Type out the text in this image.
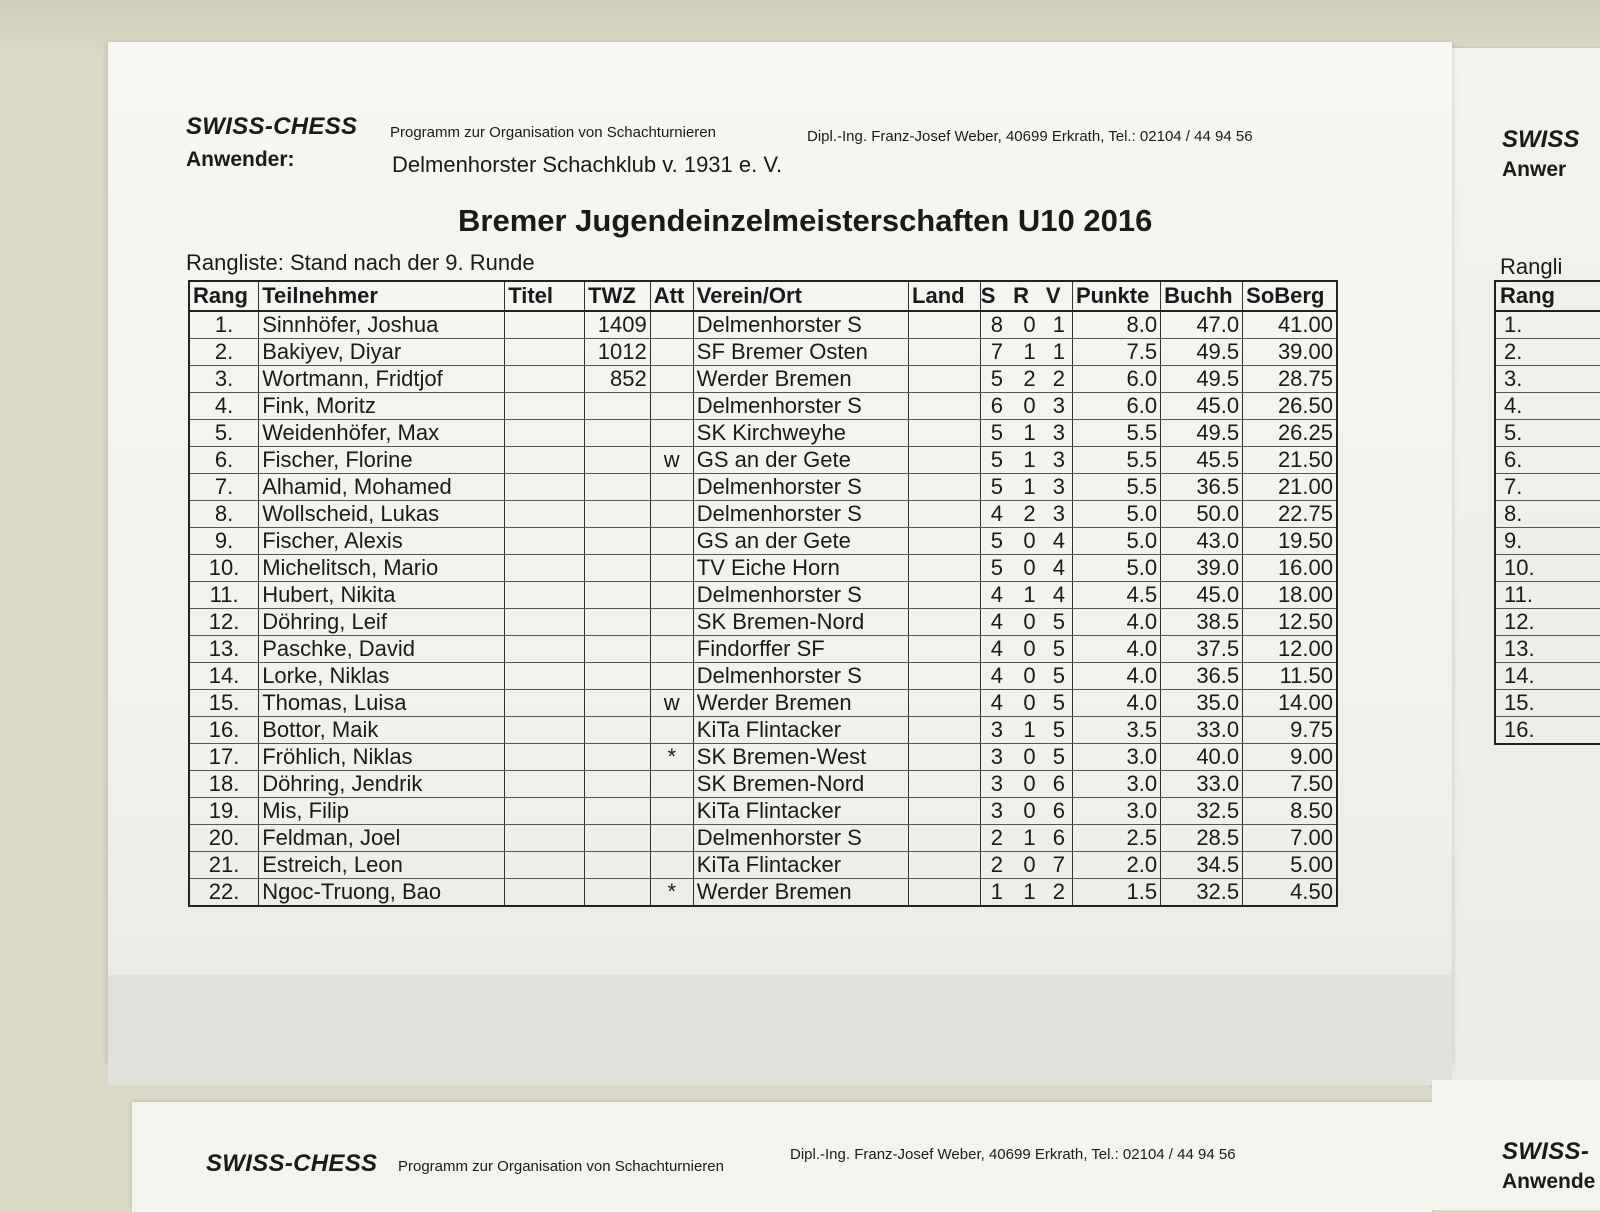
SWISS
Anwer
Rangli
Rang
1.
2.
3.
4.
5.
6.
7.
8.
9.
10.
11.
12.
13.
14.
15.
16.
SWISS-CHESS Programm zur Organisation von Schachturnieren	Dipl.-Ing. Franz-Josef Weber, 40699 Erkrath, Tel.: 02104 / 44 94 56
Anwender:	Delmenhorster Schachklub v. 1931 e. V.
Bremer Jugendeinzelmeisterschaften U10 2016
Rangliste: Stand nach der 9. Runde
Rang	Teilnehmer	Titel	TWZ	Att	Verein/Ort	Land	S	R	V	Punkte	Buchh	SoBerg
1.	Sinnhöfer, Joshua		1409		Delmenhorster S		8	0	1	8.0	47.0	41.00
2.	Bakiyev, Diyar		1012		SF Bremer Osten		7	1	1	7.5	49.5	39.00
3.	Wortmann, Fridtjof		852		Werder Bremen		5	2	2	6.0	49.5	28.75
4.	Fink, Moritz				Delmenhorster S		6	0	3	6.0	45.0	26.50
5.	Weidenhöfer, Max				SK Kirchweyhe		5	1	3	5.5	49.5	26.25
6.	Fischer, Florine			w	GS an der Gete		5	1	3	5.5	45.5	21.50
7.	Alhamid, Mohamed				Delmenhorster S		5	1	3	5.5	36.5	21.00
8.	Wollscheid, Lukas				Delmenhorster S		4	2	3	5.0	50.0	22.75
9.	Fischer, Alexis				GS an der Gete		5	0	4	5.0	43.0	19.50
10.	Michelitsch, Mario				TV Eiche Horn		5	0	4	5.0	39.0	16.00
11.	Hubert, Nikita				Delmenhorster S		4	1	4	4.5	45.0	18.00
12.	Döhring, Leif				SK Bremen-Nord		4	0	5	4.0	38.5	12.50
13.	Paschke, David				Findorffer SF		4	0	5	4.0	37.5	12.00
14.	Lorke, Niklas				Delmenhorster S		4	0	5	4.0	36.5	11.50
15.	Thomas, Luisa			w	Werder Bremen		4	0	5	4.0	35.0	14.00
16.	Bottor, Maik				KiTa Flintacker		3	1	5	3.5	33.0	9.75
17.	Fröhlich, Niklas			*	SK Bremen-West		3	0	5	3.0	40.0	9.00
18.	Döhring, Jendrik				SK Bremen-Nord		3	0	6	3.0	33.0	7.50
19.	Mis, Filip				KiTa Flintacker		3	0	6	3.0	32.5	8.50
20.	Feldman, Joel				Delmenhorster S		2	1	6	2.5	28.5	7.00
21.	Estreich, Leon				KiTa Flintacker		2	0	7	2.0	34.5	5.00
22.	Ngoc-Truong, Bao			*	Werder Bremen		1	1	2	1.5	32.5	4.50
SWISS-CHESS Programm zur Organisation von Schachturnieren
Dipl.-Ing. Franz-Josef Weber, 40699 Erkrath, Tel.: 02104 / 44 94 56	SWISS-
Anwende
